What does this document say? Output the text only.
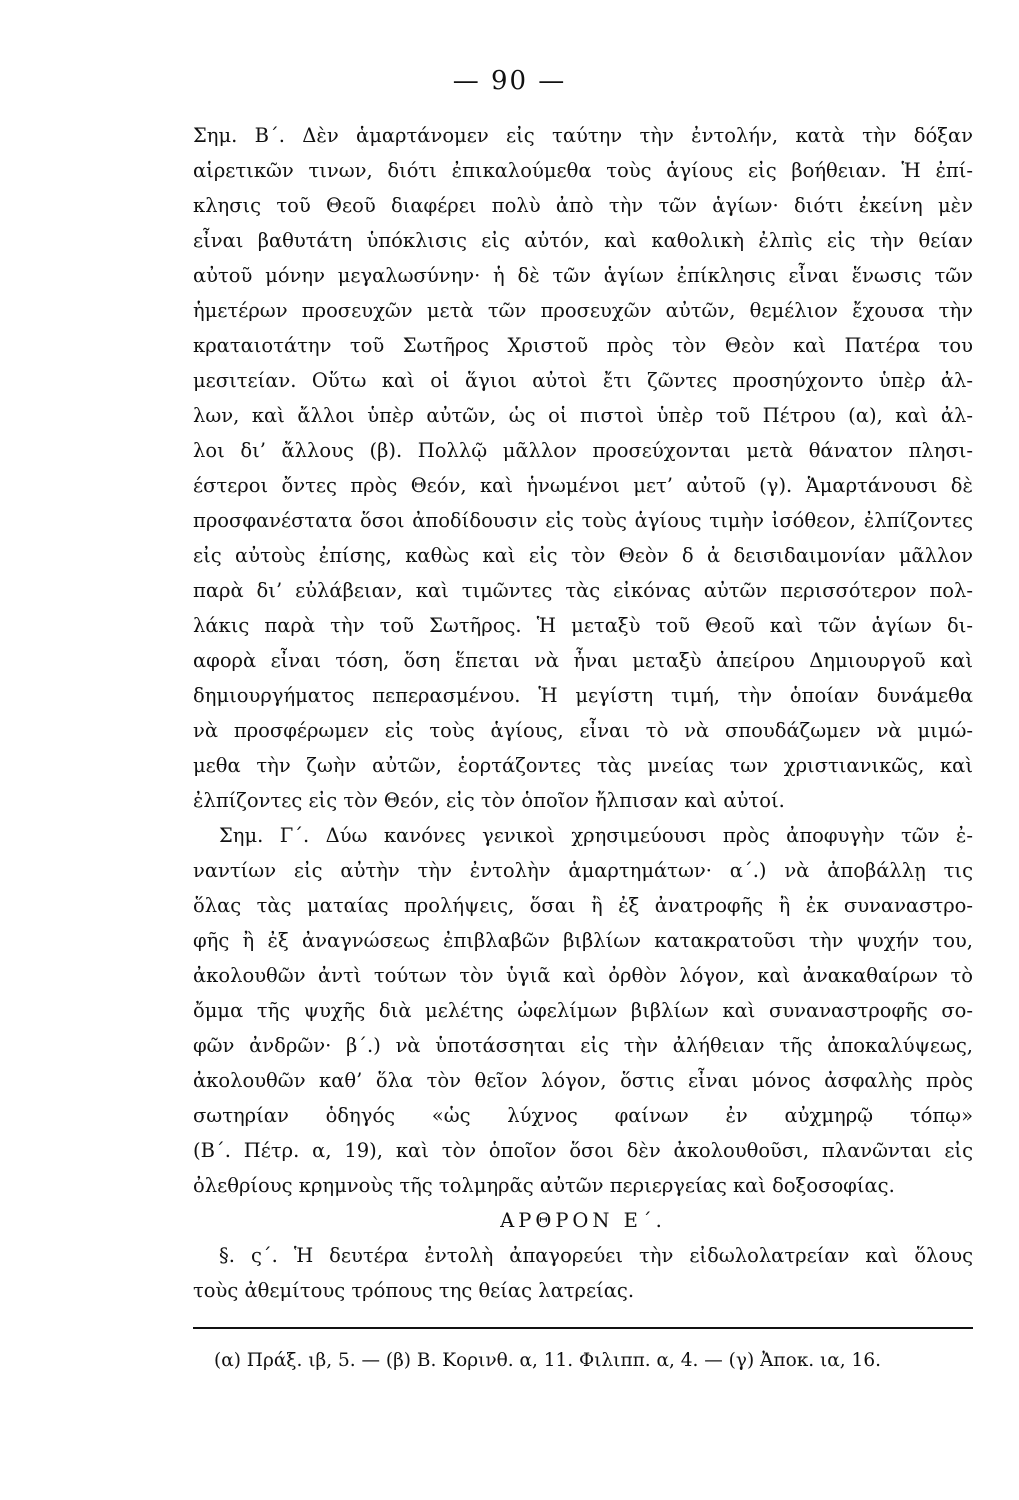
— 90 —
Σημ. Β΄. Δὲν ἁμαρτάνομεν εἰς ταύτην τὴν ἐντολήν, κατὰ τὴν δόξαν
αἱρετικῶν τινων, διότι ἐπικαλούμεθα τοὺς ἁγίους εἰς βοήθειαν. Ἡ ἐπί-
κλησις τοῦ Θεοῦ διαφέρει πολὺ ἀπὸ τὴν τῶν ἁγίων· διότι ἐκείνη μὲν
εἶναι βαθυτάτη ὑπόκλισις εἰς αὐτόν, καὶ καθολικὴ ἐλπὶς εἰς τὴν θείαν
αὐτοῦ μόνην μεγαλωσύνην· ἡ δὲ τῶν ἁγίων ἐπίκλησις εἶναι ἕνωσις τῶν
ἡμετέρων προσευχῶν μετὰ τῶν προσευχῶν αὐτῶν, θεμέλιον ἔχουσα τὴν
κραταιοτάτην τοῦ Σωτῆρος Χριστοῦ πρὸς τὸν Θεὸν καὶ Πατέρα του
μεσιτείαν. Οὕτω καὶ οἱ ἅγιοι αὐτοὶ ἔτι ζῶντες προσηύχοντο ὑπὲρ ἀλ-
λων, καὶ ἄλλοι ὑπὲρ αὐτῶν, ὡς οἱ πιστοὶ ὑπὲρ τοῦ Πέτρου (α), καὶ ἀλ-
λοι δι’ ἄλλους (β). Πολλῷ μᾶλλον προσεύχονται μετὰ θάνατον πλησι-
έστεροι ὄντες πρὸς Θεόν, καὶ ἡνωμένοι μετ’ αὐτοῦ (γ). Ἁμαρτάνουσι δὲ
προσφανέστατα ὅσοι ἀποδίδουσιν εἰς τοὺς ἁγίους τιμὴν ἰσόθεον, ἐλπίζοντες
εἰς αὐτοὺς ἐπίσης, καθὼς καὶ εἰς τὸν Θεὸν δ ἀ δεισιδαιμονίαν μᾶλλον
παρὰ δι’ εὐλάβειαν, καὶ τιμῶντες τὰς εἰκόνας αὐτῶν περισσότερον πολ-
λάκις παρὰ τὴν τοῦ Σωτῆρος. Ἡ μεταξὺ τοῦ Θεοῦ καὶ τῶν ἁγίων δι-
αφορὰ εἶναι τόση, ὅση ἕπεται νὰ ἦναι μεταξὺ ἀπείρου Δημιουργοῦ καὶ
δημιουργήματος πεπερασμένου. Ἡ μεγίστη τιμή, τὴν ὁποίαν δυνάμεθα
νὰ προσφέρωμεν εἰς τοὺς ἁγίους, εἶναι τὸ νὰ σπουδάζωμεν νὰ μιμώ-
μεθα τὴν ζωὴν αὐτῶν, ἑορτάζοντες τὰς μνείας των χριστιανικῶς, καὶ
ἐλπίζοντες εἰς τὸν Θεόν, εἰς τὸν ὁποῖον ἤλπισαν καὶ αὐτοί.
Σημ. Γ΄. Δύω κανόνες γενικοὶ χρησιμεύουσι πρὸς ἀποφυγὴν τῶν ἐ-
ναντίων εἰς αὐτὴν τὴν ἐντολὴν ἁμαρτημάτων· α΄.) νὰ ἀποβάλλῃ τις
ὅλας τὰς ματαίας προλήψεις, ὅσαι ἢ ἐξ ἀνατροφῆς ἢ ἐκ συναναστρο-
φῆς ἢ ἐξ ἀναγνώσεως ἐπιβλαβῶν βιβλίων κατακρατοῦσι τὴν ψυχήν του,
ἀκολουθῶν ἀντὶ τούτων τὸν ὑγιᾶ καὶ ὀρθὸν λόγον, καὶ ἀνακαθαίρων τὸ
ὄμμα τῆς ψυχῆς διὰ μελέτης ὠφελίμων βιβλίων καὶ συναναστροφῆς σο-
φῶν ἀνδρῶν· β΄.) νὰ ὑποτάσσηται εἰς τὴν ἀλήθειαν τῆς ἀποκαλύψεως,
ἀκολουθῶν καθ’ ὅλα τὸν θεῖον λόγον, ὅστις εἶναι μόνος ἀσφαλὴς πρὸς
σωτηρίαν ὁδηγός «ὡς λύχνος φαίνων ἐν αὐχμηρῷ τόπῳ»
(Β΄. Πέτρ. α, 19), καὶ τὸν ὁποῖον ὅσοι δὲν ἀκολουθοῦσι, πλανῶνται εἰς
ὀλεθρίους κρημνοὺς τῆς τολμηρᾶς αὐτῶν περιεργείας καὶ δοξοσοφίας.
ΑΡΘΡΟΝ Ε΄.
§. ς΄. Ἡ δευτέρα ἐντολὴ ἀπαγορεύει τὴν εἰδωλολατρείαν καὶ ὅλους
τοὺς ἀθεμίτους τρόπους της θείας λατρείας.
(α) Πράξ. ιβ, 5. — (β) Β. Κορινθ. α, 11. Φιλιππ. α, 4. — (γ) Ἀποκ. ια, 16.
